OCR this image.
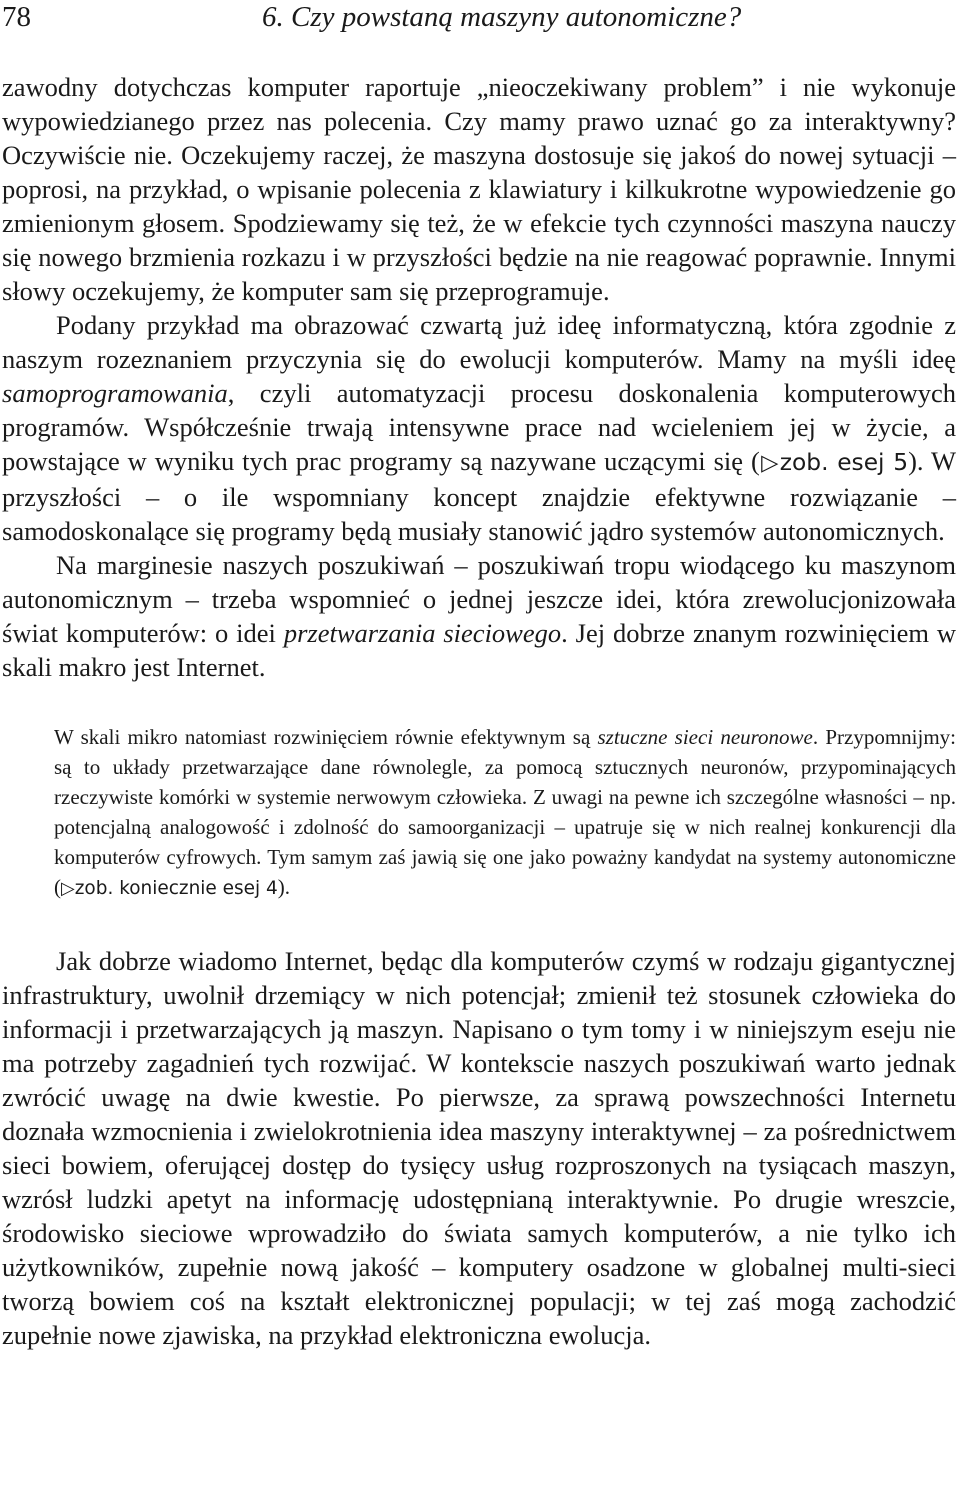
78	6. Czy powstaną maszyny autonomiczne?

zawodny dotychczas komputer raportuje „nieoczekiwany problem” i nie wykonuje wypowiedzianego przez nas polecenia. Czy mamy prawo uznać go za interaktywny? Oczywiście nie. Oczekujemy raczej, że maszyna dostosuje się jakoś do nowej sytuacji – poprosi, na przykład, o wpisanie polecenia z klawiatury i kilkukrotne wypowiedzenie go zmienionym głosem. Spodziewamy się też, że w efekcie tych czynności maszyna nauczy się nowego brzmienia rozkazu i w przyszłości będzie na nie reagować poprawnie. Innymi słowy oczekujemy, że komputer sam się przeprogramuje.

Podany przykład ma obrazować czwartą już ideę informatyczną, która zgodnie z naszym rozeznaniem przyczynia się do ewolucji komputerów. Mamy na myśli ideę samoprogramowania, czyli automatyzacji procesu doskonalenia komputerowych programów. Współcześnie trwają intensywne prace nad wcieleniem jej w życie, a powstające w wyniku tych prac programy są nazywane uczącymi się (▷zob. esej 5). W przyszłości – o ile wspomniany koncept znajdzie efektywne rozwiązanie – samodoskonalące się programy będą musiały stanowić jądro systemów autonomicznych.

Na marginesie naszych poszukiwań – poszukiwań tropu wiodącego ku maszynom autonomicznym – trzeba wspomnieć o jednej jeszcze idei, która zrewolucjonizowała świat komputerów: o idei przetwarzania sieciowego. Jej dobrze znanym rozwinięciem w skali makro jest Internet.

W skali mikro natomiast rozwinięciem równie efektywnym są sztuczne sieci neuronowe. Przypomnijmy: są to układy przetwarzające dane równolegle, za pomocą sztucznych neuronów, przypominających rzeczywiste komórki w systemie nerwowym człowieka. Z uwagi na pewne ich szczególne własności – np. potencjalną analogowość i zdolność do samoorganizacji – upatruje się w nich realnej konkurencji dla komputerów cyfrowych. Tym samym zaś jawią się one jako poważny kandydat na systemy autonomiczne (▷zob. koniecznie esej 4).

Jak dobrze wiadomo Internet, będąc dla komputerów czymś w rodzaju gigantycznej infrastruktury, uwolnił drzemiący w nich potencjał; zmienił też stosunek człowieka do informacji i przetwarzających ją maszyn. Napisano o tym tomy i w niniejszym eseju nie ma potrzeby zagadnień tych rozwijać. W kontekscie naszych poszukiwań warto jednak zwrócić uwagę na dwie kwestie. Po pierwsze, za sprawą powszechności Internetu doznała wzmocnienia i zwielokrotnienia idea maszyny interaktywnej – za pośrednictwem sieci bowiem, oferującej dostęp do tysięcy usług rozproszonych na tysiącach maszyn, wzrósł ludzki apetyt na informację udostępnianą interaktywnie. Po drugie wreszcie, środowisko sieciowe wprowadziło do świata samych komputerów, a nie tylko ich użytkowników, zupełnie nową jakość – komputery osadzone w globalnej multi-sieci tworzą bowiem coś na kształt elektronicznej populacji; w tej zaś mogą zachodzić zupełnie nowe zjawiska, na przykład elektroniczna ewolucja.
